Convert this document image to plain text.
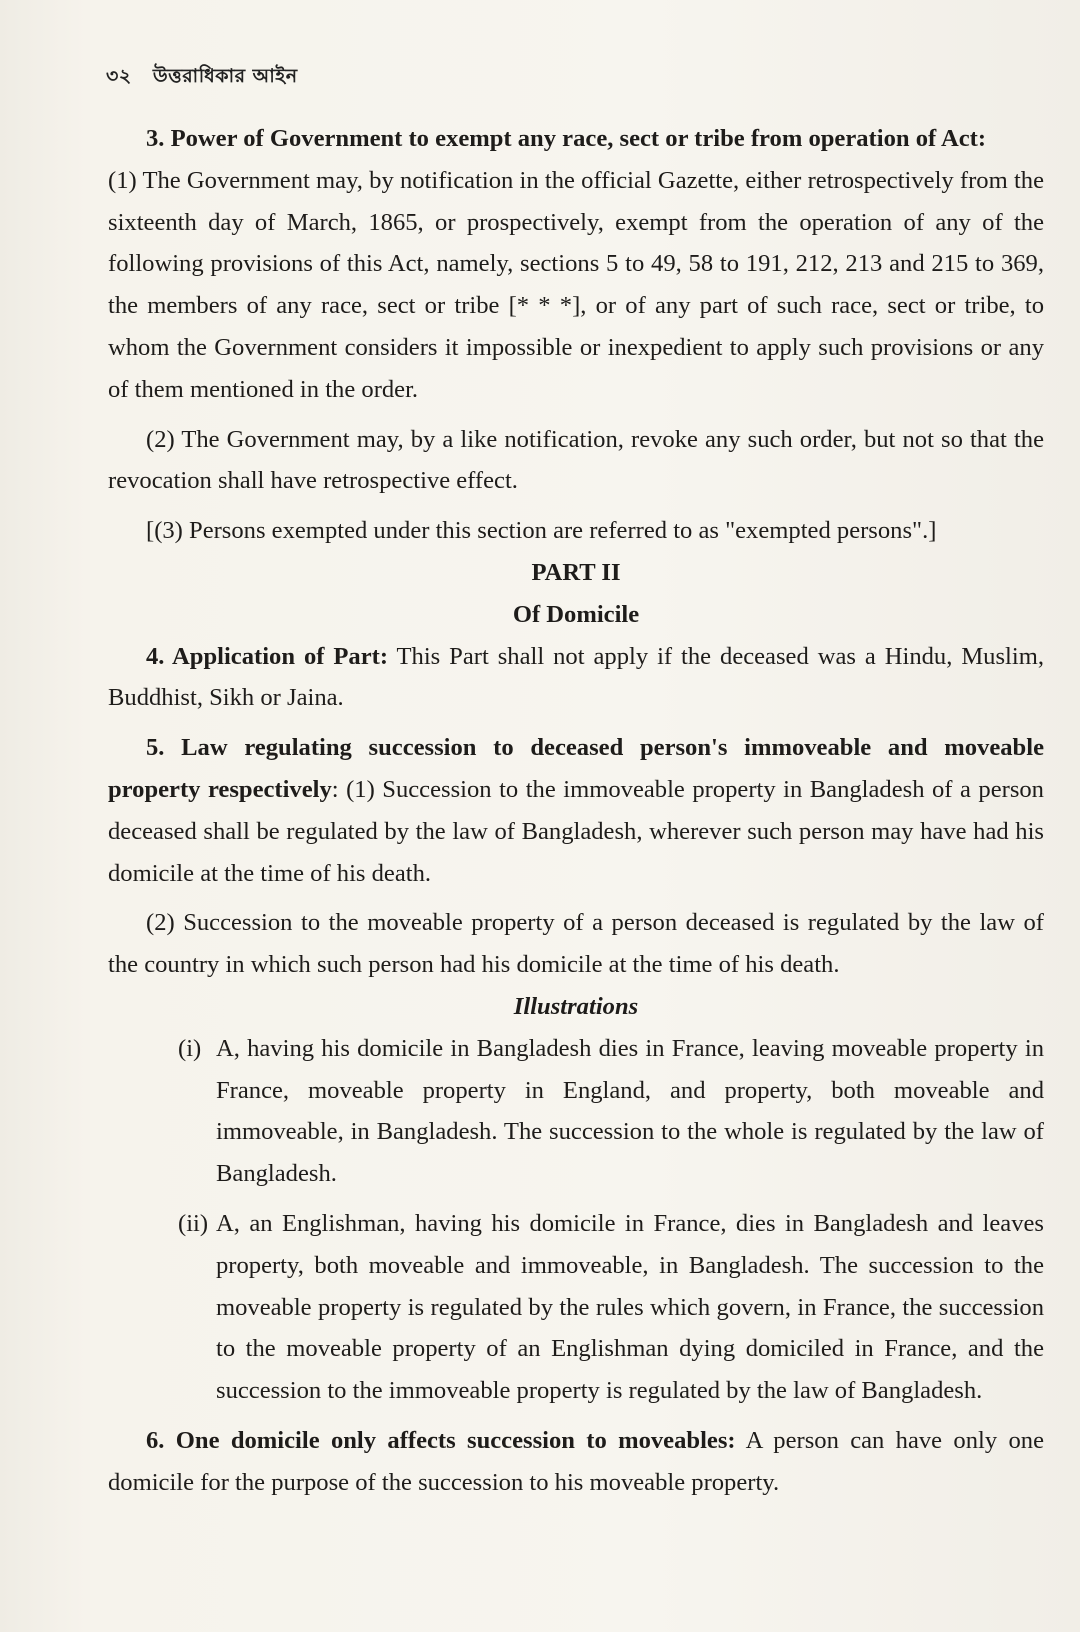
৩২ উত্তরাধিকার আইন

3. Power of Government to exempt any race, sect or tribe from operation of Act:

(1) The Government may, by notification in the official Gazette, either retrospectively from the sixteenth day of March, 1865, or prospectively, exempt from the operation of any of the following provisions of this Act, namely, sections 5 to 49, 58 to 191, 212, 213 and 215 to 369, the members of any race, sect or tribe [* * *], or of any part of such race, sect or tribe, to whom the Government considers it impossible or inexpedient to apply such provisions or any of them mentioned in the order.

(2) The Government may, by a like notification, revoke any such order, but not so that the revocation shall have retrospective effect.

[(3) Persons exempted under this section are referred to as "exempted persons".]

PART II

Of Domicile

4. Application of Part: This Part shall not apply if the deceased was a Hindu, Muslim, Buddhist, Sikh or Jaina.

5. Law regulating succession to deceased person's immoveable and moveable property respectively: (1) Succession to the immoveable property in Bangladesh of a person deceased shall be regulated by the law of Bangladesh, wherever such person may have had his domicile at the time of his death.

(2) Succession to the moveable property of a person deceased is regulated by the law of the country in which such person had his domicile at the time of his death.

Illustrations

(i) A, having his domicile in Bangladesh dies in France, leaving moveable property in France, moveable property in England, and property, both moveable and immoveable, in Bangladesh. The succession to the whole is regulated by the law of Bangladesh.
(ii) A, an Englishman, having his domicile in France, dies in Bangladesh and leaves property, both moveable and immoveable, in Bangladesh. The succession to the moveable property is regulated by the rules which govern, in France, the succession to the moveable property of an Englishman dying domiciled in France, and the succession to the immoveable property is regulated by the law of Bangladesh.

6. One domicile only affects succession to moveables: A person can have only one domicile for the purpose of the succession to his moveable property.
